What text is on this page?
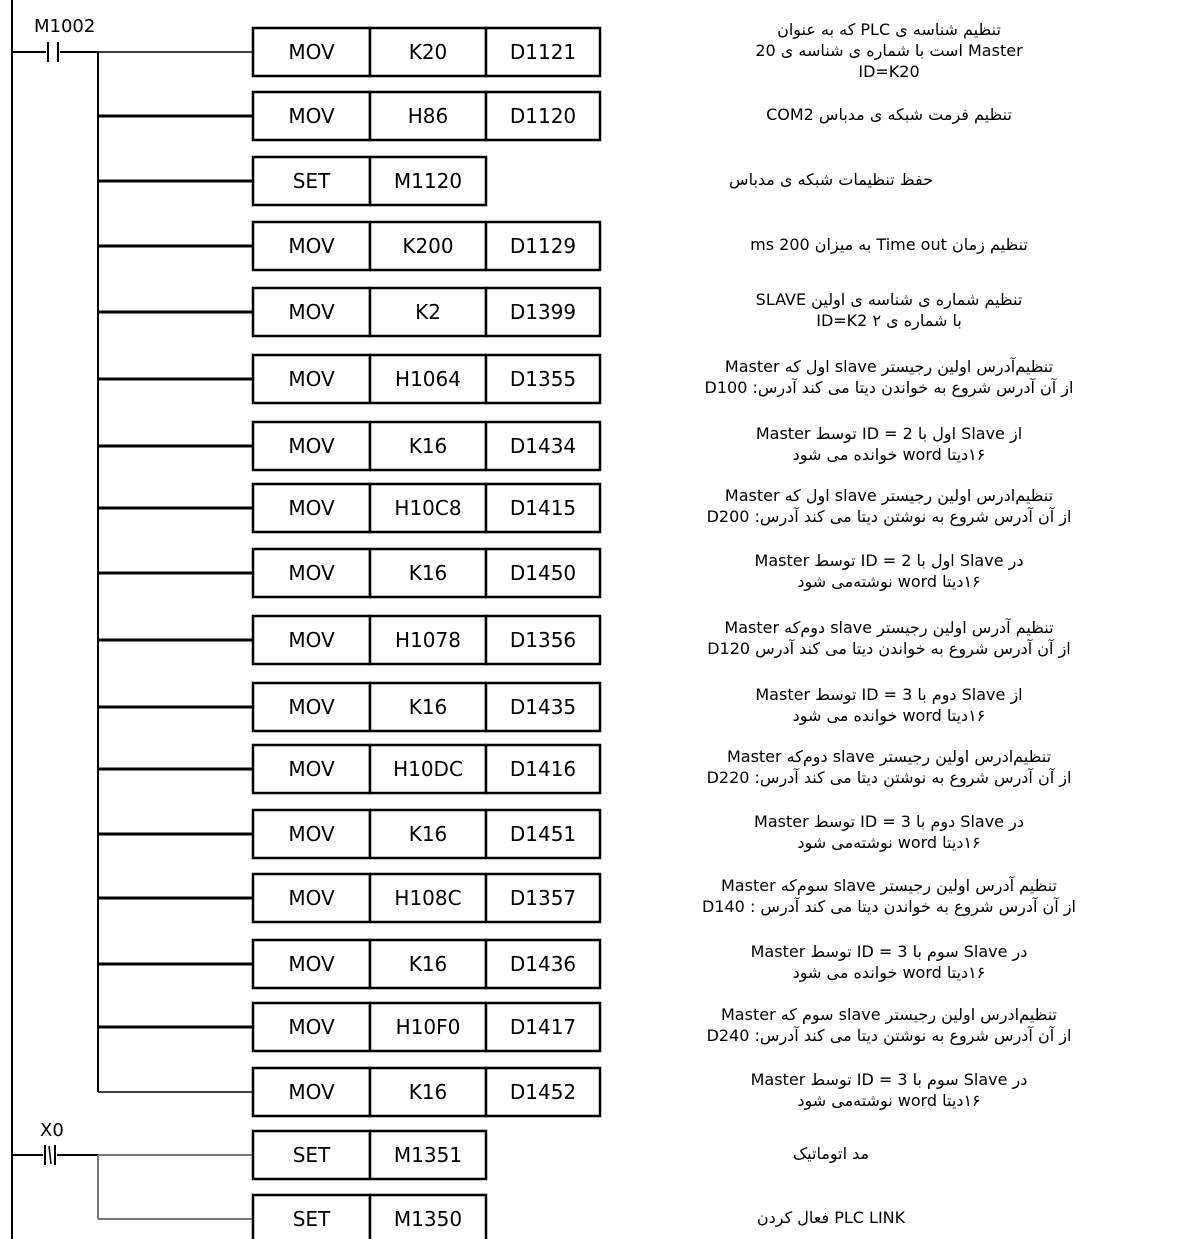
M1002
X0
MOV	K20	D1121
MOV	H86	D1120
SET	M1120
MOV	K200	D1129
MOV	K2	D1399
MOV	H1064 D1355
MOV	K16	D1434
MOV	H10C8 D1415
MOV	K16	D1450
MOV	H1078 D1356
MOV	K16	D1435
MOV	H10DC D1416
MOV	K16	D1451
MOV	H108C D1357
MOV	K16	D1436
MOV	H10F0 D1417
MOV	K16	D1452
SET	M1351
SET	M1350
تنظیم شناسه ی PLC که به عنوان
Master است با شماره ی شناسه ی 20
ID=K20
تنظیم فرمت شبکه ی مدباس COM2
حفظ تنظیمات شبکه ی مدباس
تنظیم زمان Time out به میزان 200 ms
تنظیم شماره ی شناسه ی اولین SLAVE
با شماره ی ۲ ID=K2
تنظیم‌آدرس اولین رجیستر slave اول که Master
از آن آدرس شروع به خواندن دیتا می کند آدرس: D100
از Slave اول با ID = 2 توسط Master
۱۶دیتا word خوانده می شود
تنظیم‌ادرس اولین رجیستر slave اول که Master
از آن آدرس شروع به نوشتن دیتا می کند آدرس: D200
در Slave اول با ID = 2 توسط Master
۱۶دیتا word نوشته‌می شود
تنظیم آدرس اولین رجیستر slave دوم‌که Master
از آن آدرس شروع به خواندن دیتا می کند آدرس D120
از Slave دوم با ID = 3 توسط Master
۱۶دیتا word خوانده می شود
تنظیم‌ادرس اولین رجیستر slave دوم‌که Master
از آن آدرس شروع به نوشتن دیتا می کند آدرس: D220
در Slave دوم با ID = 3 توسط Master
۱۶دیتا word نوشته‌می شود
تنظیم آدرس اولین رجیستر slave سوم‌که Master
از آن آدرس شروع به خواندن دیتا می کند آدرس : D140
در Slave سوم با ID = 3 توسط Master
۱۶دیتا word خوانده می شود
تنظیم‌ادرس اولین رجیستر slave سوم که Master
از آن آدرس شروع به نوشتن دیتا می کند آدرس: D240
در Slave سوم با ID = 3 توسط Master
۱۶دیتا word نوشته‌می شود
مد اتوماتیک
PLC LINK فعال کردن
